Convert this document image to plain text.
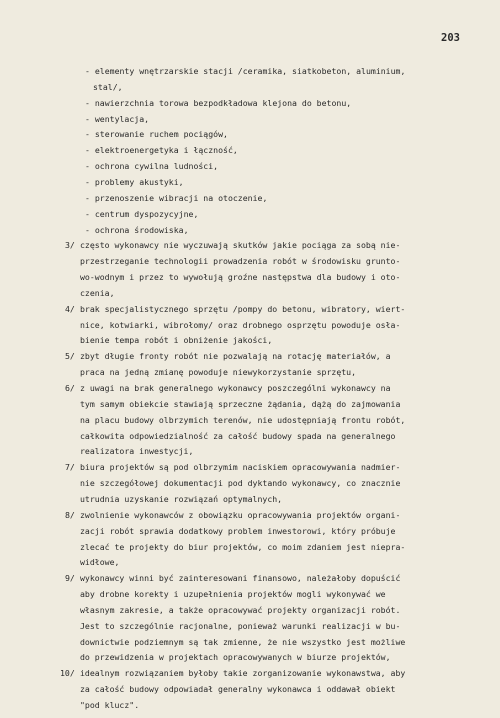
203
- elementy wnętrzarskie stacji /ceramika, siatkobeton, aluminium,
stal/,
- nawierzchnia torowa bezpodkładowa klejona do betonu,
- wentylacja,
- sterowanie ruchem pociągów,
- elektroenergetyka i łączność,
- ochrona cywilna ludności,
- problemy akustyki,
- przenoszenie wibracji na otoczenie,
- centrum dyspozycyjne,
- ochrona środowiska,
3/ często wykonawcy nie wyczuwają skutków jakie pociąga za sobą nie-
przestrzeganie technologii prowadzenia robót w środowisku grunto-
wo-wodnym i przez to wywołują groźne następstwa dla budowy i oto-
czenia,
4/ brak specjalistycznego sprzętu /pompy do betonu, wibratory, wiert-
nice, kotwiarki, wibrołomy/ oraz drobnego osprzętu powoduje osła-
bienie tempa robót i obniżenie jakości,
5/ zbyt długie fronty robót nie pozwalają na rotację materiałów, a
praca na jedną zmianę powoduje niewykorzystanie sprzętu,
6/ z uwagi na brak generalnego wykonawcy poszczególni wykonawcy na
tym samym obiekcie stawiają sprzeczne żądania, dążą do zajmowania
na placu budowy olbrzymich terenów, nie udostępniają frontu robót,
całkowita odpowiedzialność za całość budowy spada na generalnego
realizatora inwestycji,
7/ biura projektów są pod olbrzymim naciskiem opracowywania nadmier-
nie szczegółowej dokumentacji pod dyktando wykonawcy, co znacznie
utrudnia uzyskanie rozwiązań optymalnych,
8/ zwolnienie wykonawców z obowiązku opracowywania projektów organi-
zacji robót sprawia dodatkowy problem inwestorowi, który próbuje
zlecać te projekty do biur projektów, co moim zdaniem jest niepra-
widłowe,
9/ wykonawcy winni być zainteresowani finansowo, należałoby dopuścić
aby drobne korekty i uzupełnienia projektów mogli wykonywać we
własnym zakresie, a także opracowywać projekty organizacji robót.
Jest to szczególnie racjonalne, ponieważ warunki realizacji w bu-
downictwie podziemnym są tak zmienne, że nie wszystko jest możliwe
do przewidzenia w projektach opracowywanych w biurze projektów,
10/ idealnym rozwiązaniem byłoby takie zorganizowanie wykonawstwa, aby
za całość budowy odpowiadał generalny wykonawca i oddawał obiekt
"pod klucz".
